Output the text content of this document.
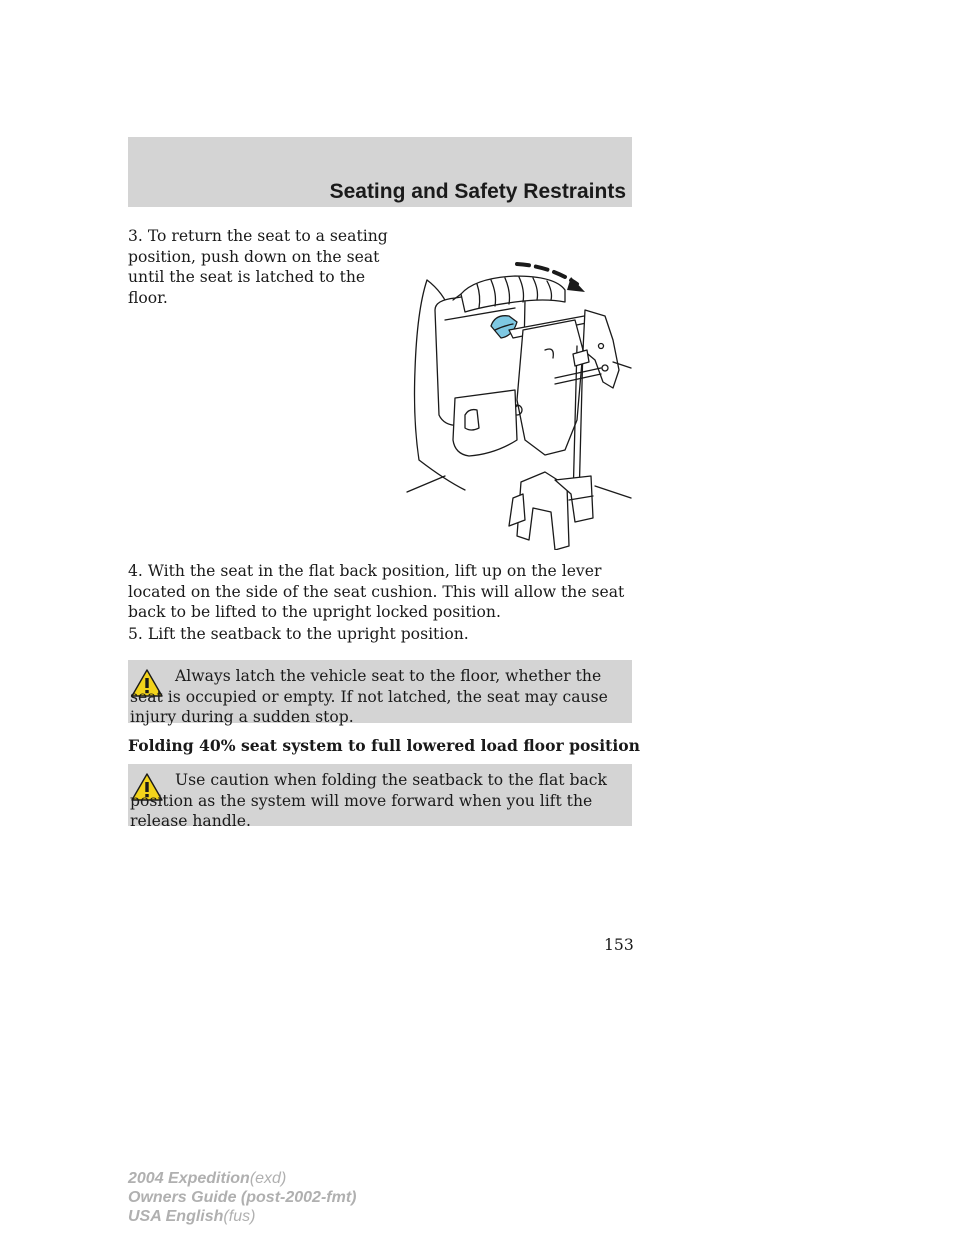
Seating and Safety Restraints

3. To return the seat to a seating position, push down on the seat until the seat is latched to the floor.

4. With the seat in the flat back position, lift up on the lever located on the side of the seat cushion. This will allow the seat back to be lifted to the upright locked position.

5. Lift the seatback to the upright position.

Always latch the vehicle seat to the floor, whether the seat is occupied or empty. If not latched, the seat may cause injury during a sudden stop.

Folding 40% seat system to full lowered load floor position

Use caution when folding the seatback to the flat back position as the system will move forward when you lift the release handle.

153
2004 Expedition(exd)
Owners Guide (post-2002-fmt)
USA English(fus)
